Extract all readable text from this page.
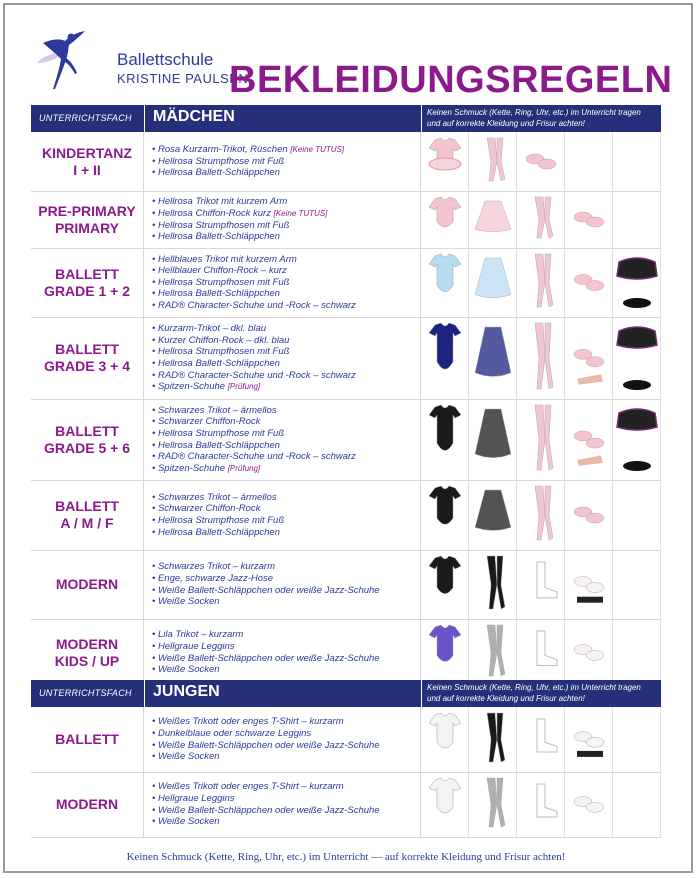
Ballettschule
KRISTINE PAULSEN
BEKLEIDUNGSREGELN
UNTERRICHTSFACH MÄDCHEN	Keinen Schmuck (Kette, Ring, Uhr, etc.) im Unterricht tragen
und auf korrekte Kleidung und Frisur achten!
KINDERTANZ
I + II
• Rosa Kurzarm-Trikot, Rüschen [Keine TUTUS]
• Hellrosa Strumpfhose mit Fuß
• Hellrosa Ballett-Schläppchen
PRE-PRIMARY
PRIMARY
• Hellrosa Trikot mit kurzem Arm
• Hellrosa Chiffon-Rock kurz [Keine TUTUS]
• Hellrosa Strumpfhosen mit Fuß
• Hellrosa Ballett-Schläppchen
BALLETT
GRADE 1 + 2
• Hellblaues Trikot mit kurzem Arm
• Hellblauer Chiffon-Rock – kurz
• Hellrosa Strumpfhosen mit Fuß
• Hellrosa Ballett-Schläppchen
• RAD® Character-Schuhe und -Rock – schwarz
BALLETT
GRADE 3 + 4
• Kurzarm-Trikot – dkl. blau
• Kurzer Chiffon-Rock – dkl. blau
• Hellrosa Strumpfhosen mit Fuß
• Hellrosa Ballett-Schläppchen
• RAD® Character-Schuhe und -Rock – schwarz
• Spitzen-Schuhe [Prüfung]
BALLETT
GRADE 5 + 6
• Schwarzes Trikot – ärmellos
• Schwarzer Chiffon-Rock
• Hellrosa Strumpfhose mit Fuß
• Hellrosa Ballett-Schläppchen
• RAD® Character-Schuhe und -Rock – schwarz
• Spitzen-Schuhe [Prüfung]
BALLETT
A / M / F
• Schwarzes Trikot – ärmellos
• Schwarzer Chiffon-Rock
• Hellrosa Strumpfhose mit Fuß
• Hellrosa Ballett-Schläppchen
MODERN
• Schwarzes Trikot – kurzarm
• Enge, schwarze Jazz-Hose
• Weiße Ballett-Schläppchen oder weiße Jazz-Schuhe
• Weiße Socken
MODERN
KIDS / UP
• Lila Trikot – kurzarm
• Hellgraue Leggins
• Weiße Ballett-Schläppchen oder weiße Jazz-Schuhe
• Weiße Socken
UNTERRICHTSFACH JUNGEN	Keinen Schmuck (Kette, Ring, Uhr, etc.) im Unterricht tragen
und auf korrekte Kleidung und Frisur achten!
BALLETT
• Weißes Trikott oder enges T-Shirt – kurzarm
• Dunkelblaue oder schwarze Leggins
• Weiße Ballett-Schläppchen oder weiße Jazz-Schuhe
• Weiße Socken
MODERN
• Weißes Trikott oder enges T-Shirt – kurzarm
• Hellgraue Leggins
• Weiße Ballett-Schläppchen oder weiße Jazz-Schuhe
• Weiße Socken
Keinen Schmuck (Kette, Ring, Uhr, etc.) im Unterricht — auf korrekte Kleidung und Frisur achten!
